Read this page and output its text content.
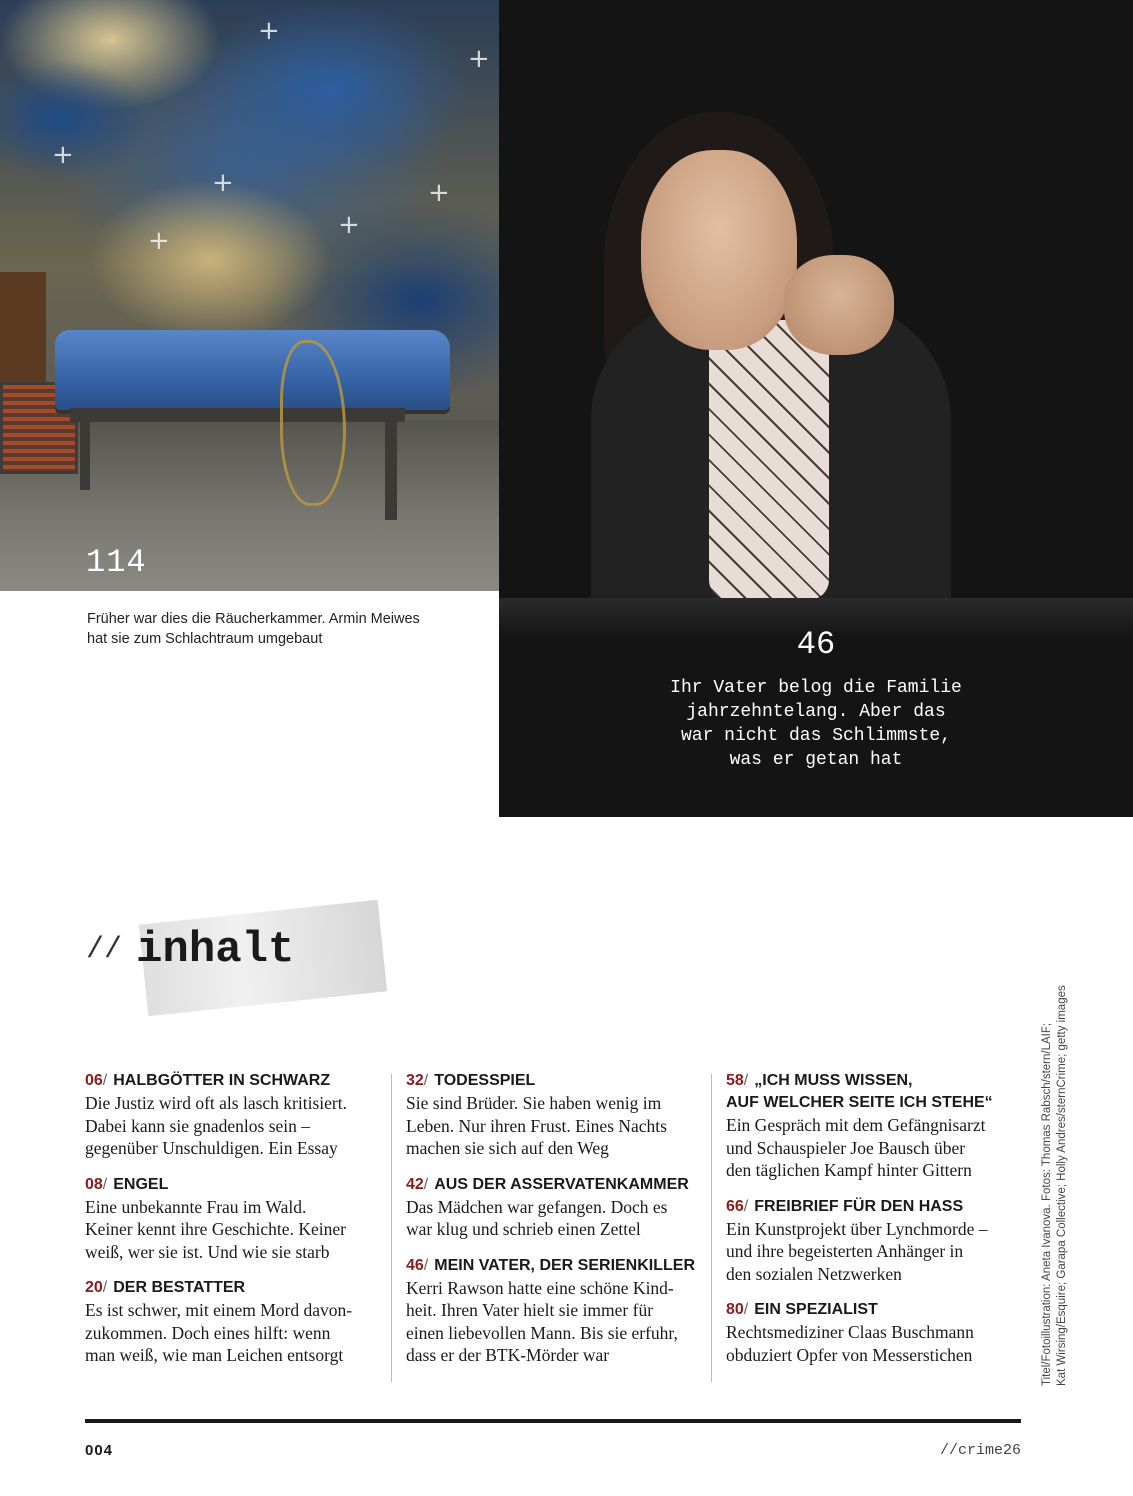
+
+
+
+
+
+
+
114
Früher war dies die Räucherkammer. Armin Meiwes
hat sie zum Schlachtraum umgebaut	46
Ihr Vater belog die Familie
jahrzehntelang. Aber das
war nicht das Schlimmste,
was er getan hat
// inhalt
06/ HALBGÖTTER IN SCHWARZ
Die Justiz wird oft als lasch kritisiert.
Dabei kann sie gnadenlos sein –
gegenüber Unschuldigen. Ein Essay
08/ ENGEL
Eine unbekannte Frau im Wald.
Keiner kennt ihre Geschichte. Keiner
weiß, wer sie ist. Und wie sie starb
20/ DER BESTATTER
Es ist schwer, mit einem Mord davon-
zukommen. Doch eines hilft: wenn
man weiß, wie man Leichen entsorgt
32/ TODESSPIEL
Sie sind Brüder. Sie haben wenig im
Leben. Nur ihren Frust. Eines Nachts
machen sie sich auf den Weg
42/ AUS DER ASSERVATENKAMMER
Das Mädchen war gefangen. Doch es
war klug und schrieb einen Zettel
46/ MEIN VATER, DER SERIENKILLER
Kerri Rawson hatte eine schöne Kind-
heit. Ihren Vater hielt sie immer für
einen liebevollen Mann. Bis sie erfuhr,
dass er der BTK-Mörder war
58/ „ICH MUSS WISSEN,
AUF WELCHER SEITE ICH STEHE“
Ein Gespräch mit dem Gefängnisarzt
und Schauspieler Joe Bausch über
den täglichen Kampf hinter Gittern
66/ FREIBRIEF FÜR DEN HASS
Ein Kunstprojekt über Lynchmorde –
und ihre begeisterten Anhänger in
den sozialen Netzwerken
80/ EIN SPEZIALIST
Rechtsmediziner Claas Buschmann
obduziert Opfer von Messerstichen	Titel/Fotoillustration: Aneta Ivanova. Fotos: Thomas Rabsch/stern/LAIF;
Kat Wirsing/Esquire; Garapa Collective; Holly Andres/sternCrime; getty images
004	//crime26
